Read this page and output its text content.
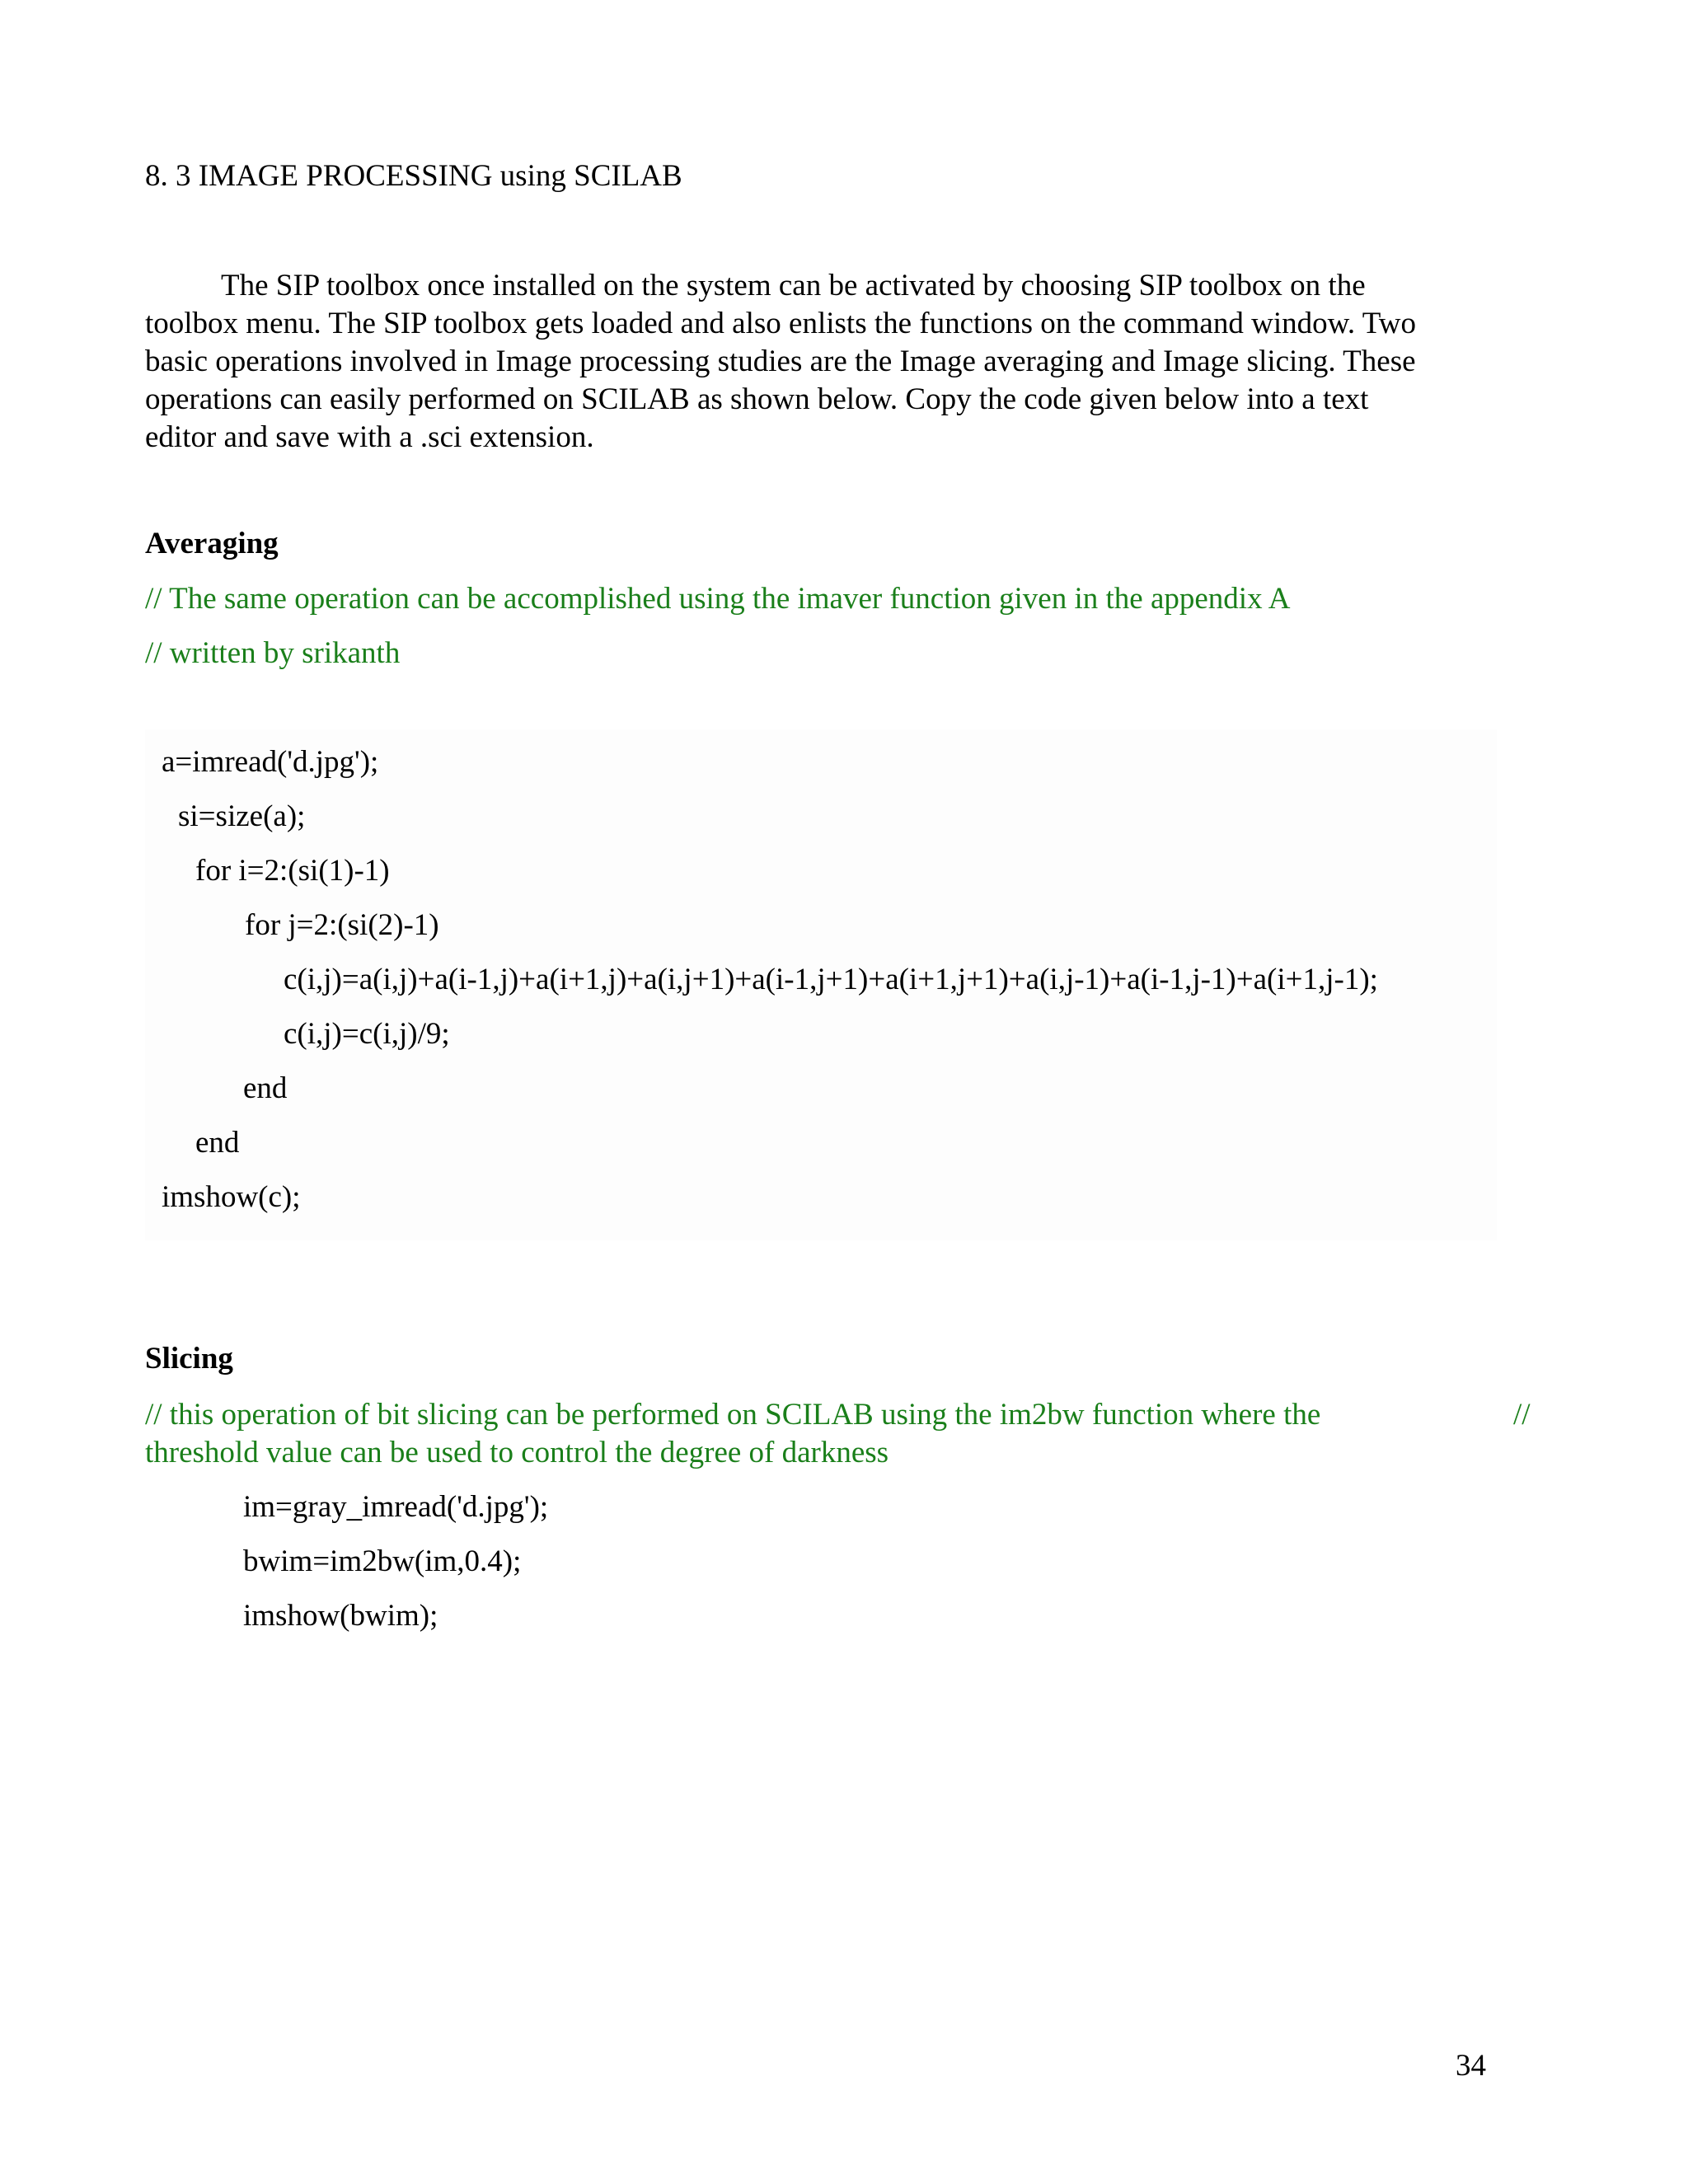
8. 3 IMAGE PROCESSING using SCILAB
The SIP toolbox once installed on the system can be activated by choosing SIP toolbox on the
toolbox menu. The SIP toolbox gets loaded and also enlists the functions on the command window. Two
basic operations involved in Image processing studies are the Image averaging and Image slicing. These
operations can easily performed on SCILAB as shown below. Copy the code given below into a text
editor and save with a .sci extension.
Averaging
// The same operation can be accomplished using the imaver function given in the appendix A
// written by srikanth
a=imread('d.jpg');
si=size(a);
for i=2:(si(1)-1)
for j=2:(si(2)-1)
c(i,j)=a(i,j)+a(i-1,j)+a(i+1,j)+a(i,j+1)+a(i-1,j+1)+a(i+1,j+1)+a(i,j-1)+a(i-1,j-1)+a(i+1,j-1);
c(i,j)=c(i,j)/9;
end
end
imshow(c);
Slicing
// this operation of bit slicing can be performed on SCILAB using the im2bw function where the	//
threshold value can be used to control the degree of darkness
im=gray_imread('d.jpg');
bwim=im2bw(im,0.4);
imshow(bwim);
34
